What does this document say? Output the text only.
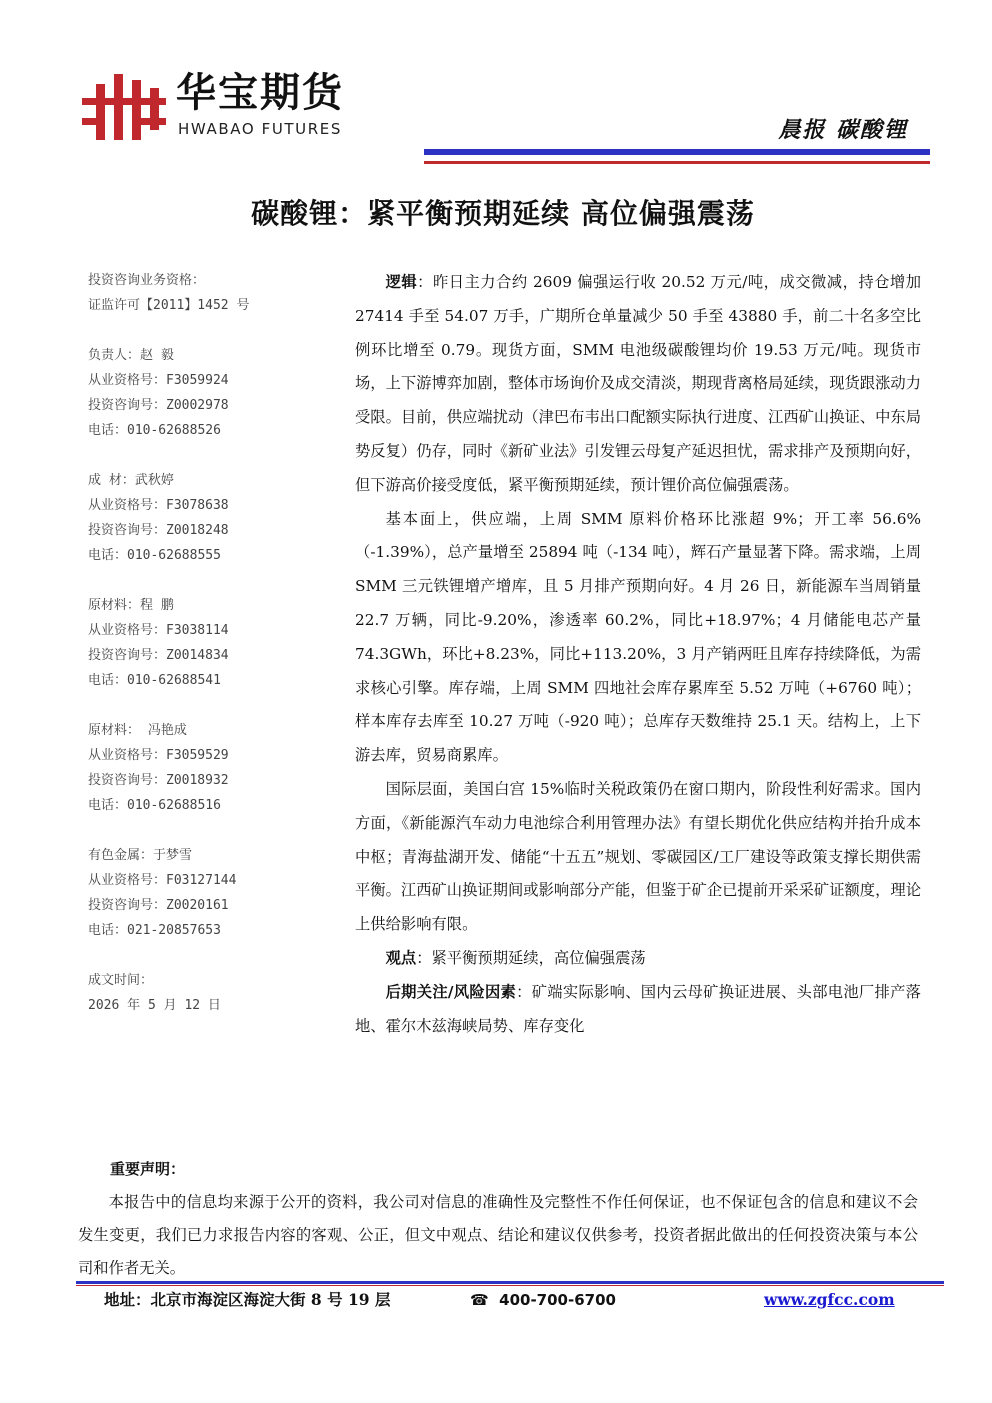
华宝期货
HWABAO FUTURES	晨报 碳酸锂
碳酸锂：紧平衡预期延续 高位偏强震荡
投资咨询业务资格：
证监许可【2011】1452 号
负责人：赵 毅
从业资格号：F3059924
投资咨询号：Z0002978
电话：010-62688526
成 材：武秋婷
从业资格号：F3078638
投资咨询号：Z0018248
电话：010-62688555
原材料：程 鹏
从业资格号：F3038114
投资咨询号：Z0014834
电话：010-62688541
原材料： 冯艳成
从业资格号：F3059529
投资咨询号：Z0018932
电话：010-62688516
有色金属：于梦雪
从业资格号：F03127144
投资咨询号：Z0020161
电话：021-20857653
成文时间：
2026 年 5 月 12 日

逻辑：昨日主力合约 2609 偏强运行收 20.52 万元/吨，成交微减，持仓增加 27414 手至 54.07 万手，广期所仓单量减少 50 手至 43880 手，前二十名多空比例环比增至 0.79。现货方面，SMM 电池级碳酸锂均价 19.53 万元/吨。现货市场，上下游博弈加剧，整体市场询价及成交清淡，期现背离格局延续，现货跟涨动力受限。目前，供应端扰动（津巴布韦出口配额实际执行进度、江西矿山换证、中东局势反复）仍存，同时《新矿业法》引发锂云母复产延迟担忧，需求排产及预期向好，但下游高价接受度低，紧平衡预期延续，预计锂价高位偏强震荡。

基本面上，供应端，上周 SMM 原料价格环比涨超 9%；开工率 56.6%（-1.39%），总产量增至 25894 吨（-134 吨），辉石产量显著下降。需求端，上周 SMM 三元铁锂增产增库，且 5 月排产预期向好。4 月 26 日，新能源车当周销量 22.7 万辆，同比-9.20%，渗透率 60.2%，同比+18.97%；4 月储能电芯产量 74.3GWh，环比+8.23%，同比+113.20%，3 月产销两旺且库存持续降低，为需求核心引擎。库存端，上周 SMM 四地社会库存累库至 5.52 万吨（+6760 吨）；样本库存去库至 10.27 万吨（-920 吨）；总库存天数维持 25.1 天。结构上，上下游去库，贸易商累库。

国际层面，美国白宫 15%临时关税政策仍在窗口期内，阶段性利好需求。国内方面，《新能源汽车动力电池综合利用管理办法》有望长期优化供应结构并抬升成本中枢；青海盐湖开发、储能“十五五”规划、零碳园区/工厂建设等政策支撑长期供需平衡。江西矿山换证期间或影响部分产能，但鉴于矿企已提前开采采矿证额度，理论上供给影响有限。

观点：紧平衡预期延续，高位偏强震荡

后期关注/风险因素：矿端实际影响、国内云母矿换证进展、头部电池厂排产落地、霍尔木兹海峡局势、库存变化

重要声明：
本报告中的信息均来源于公开的资料，我公司对信息的准确性及完整性不作任何保证，也不保证包含的信息和建议不会发生变更，我们已力求报告内容的客观、公正，但文中观点、结论和建议仅供参考，投资者据此做出的任何投资决策与本公司和作者无关。
地址：北京市海淀区海淀大街 8 号 19 层	☎ 400-700-6700	www.zgfcc.com
